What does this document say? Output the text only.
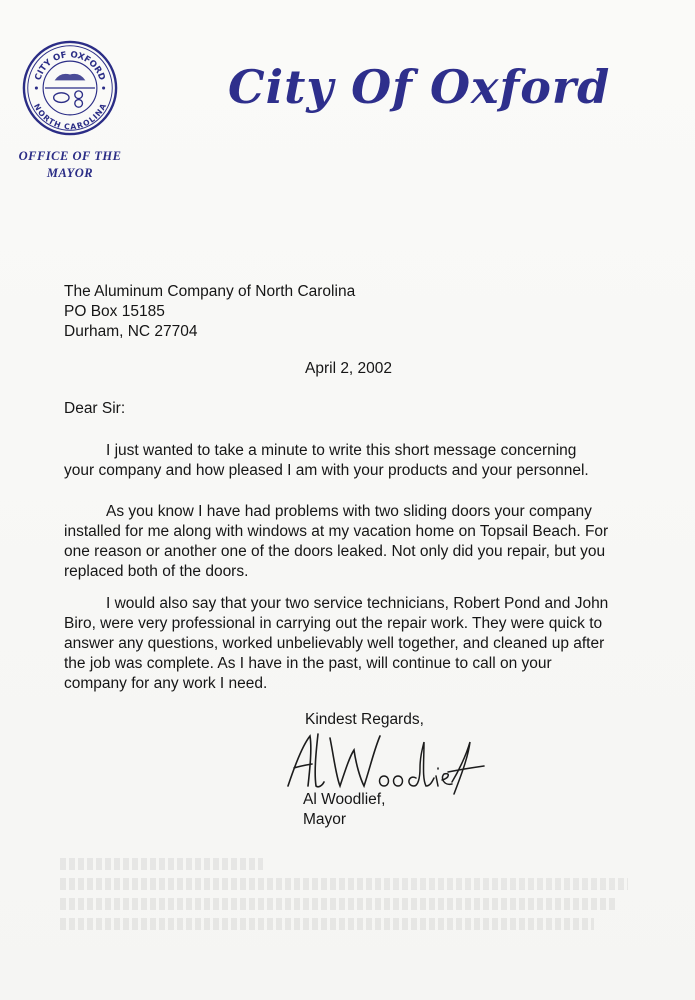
CITY OF OXFORD
NORTH CAROLINA
OFFICE OF THE
MAYOR
City Of Oxford
The Aluminum Company of North Carolina
PO Box 15185
Durham, NC 27704
April 2, 2002
Dear Sir:
I just wanted to take a minute to write this short message concerning
your company and how pleased I am with your products and your personnel.
As you know I have had problems with two sliding doors your company
installed for me along with windows at my vacation home on Topsail Beach. For
one reason or another one of the doors leaked. Not only did you repair, but you
replaced both of the doors.
I would also say that your two service technicians, Robert Pond and John
Biro, were very professional in carrying out the repair work. They were quick to
answer any questions, worked unbelievably well together, and cleaned up after
the job was complete. As I have in the past, will continue to call on your
company for any work I need.
Kindest Regards,
Al Woodlief,
Mayor
